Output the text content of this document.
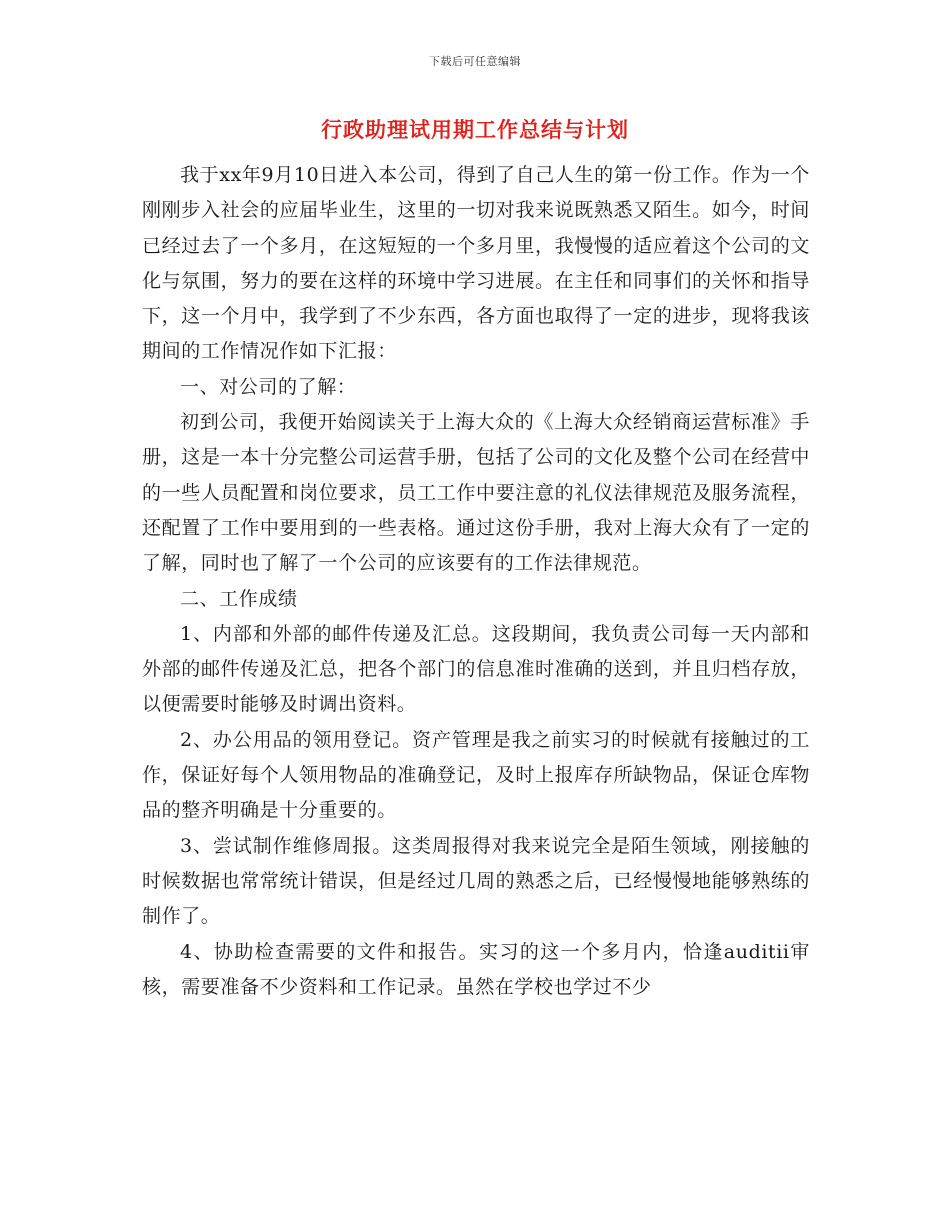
下载后可任意编辑
行政助理试用期工作总结与计划

我于xx年9月10日进入本公司，得到了自己人生的第一份工作。作为一个刚刚步入社会的应届毕业生，这里的一切对我来说既熟悉又陌生。如今，时间已经过去了一个多月，在这短短的一个多月里，我慢慢的适应着这个公司的文化与氛围，努力的要在这样的环境中学习进展。在主任和同事们的关怀和指导下，这一个月中，我学到了不少东西，各方面也取得了一定的进步，现将我该期间的工作情况作如下汇报：

一、对公司的了解：

初到公司，我便开始阅读关于上海大众的《上海大众经销商运营标准》手册，这是一本十分完整公司运营手册，包括了公司的文化及整个公司在经营中的一些人员配置和岗位要求，员工工作中要注意的礼仪法律规范及服务流程，还配置了工作中要用到的一些表格。通过这份手册，我对上海大众有了一定的了解，同时也了解了一个公司的应该要有的工作法律规范。

二、工作成绩

1、内部和外部的邮件传递及汇总。这段期间，我负责公司每一天内部和外部的邮件传递及汇总，把各个部门的信息准时准确的送到，并且归档存放，以便需要时能够及时调出资料。

2、办公用品的领用登记。资产管理是我之前实习的时候就有接触过的工作，保证好每个人领用物品的准确登记，及时上报库存所缺物品，保证仓库物品的整齐明确是十分重要的。

3、尝试制作维修周报。这类周报得对我来说完全是陌生领域，刚接触的时候数据也常常统计错误，但是经过几周的熟悉之后，已经慢慢地能够熟练的制作了。

4、协助检查需要的文件和报告。实习的这一个多月内，恰逢auditii审核，需要准备不少资料和工作记录。虽然在学校也学过不少
